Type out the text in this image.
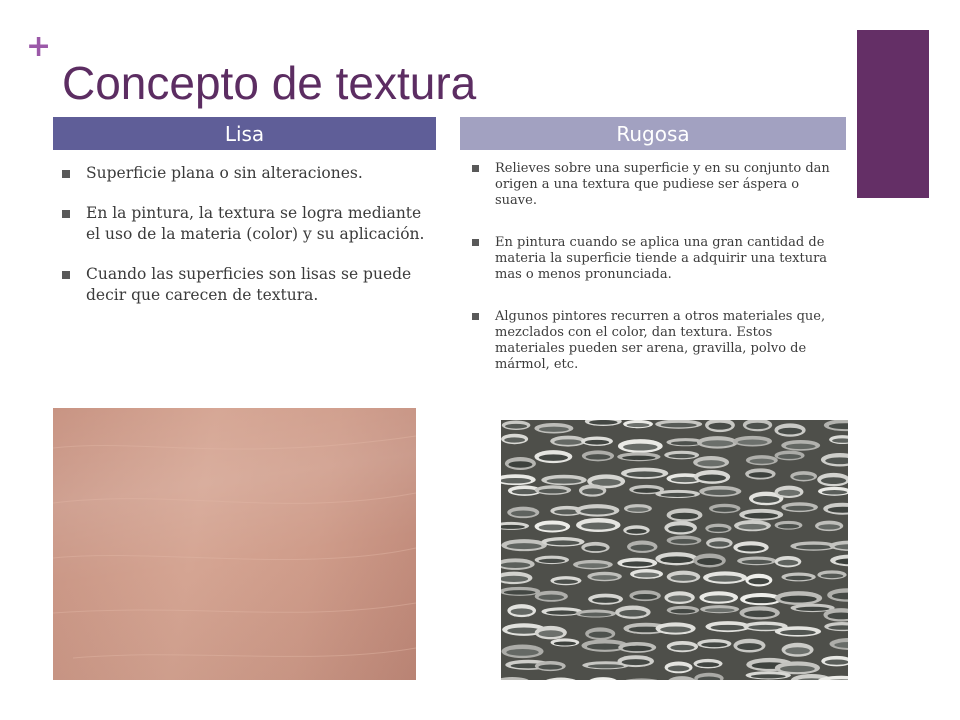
+
Concepto de textura
Lisa	Rugosa
Superficie plana o sin alteraciones.
En la pintura, la textura se logra mediante el uso de la materia (color) y su aplicación.
Cuando las superficies son lisas se puede decir que carecen de textura.
Relieves sobre una superficie y en su conjunto dan origen a una textura que pudiese ser áspera o suave.
En pintura cuando se aplica una gran cantidad de materia la superficie tiende a adquirir una textura mas o menos pronunciada.
Algunos pintores recurren a otros materiales que, mezclados con el color, dan textura. Estos materiales pueden ser arena, gravilla, polvo de mármol, etc.
